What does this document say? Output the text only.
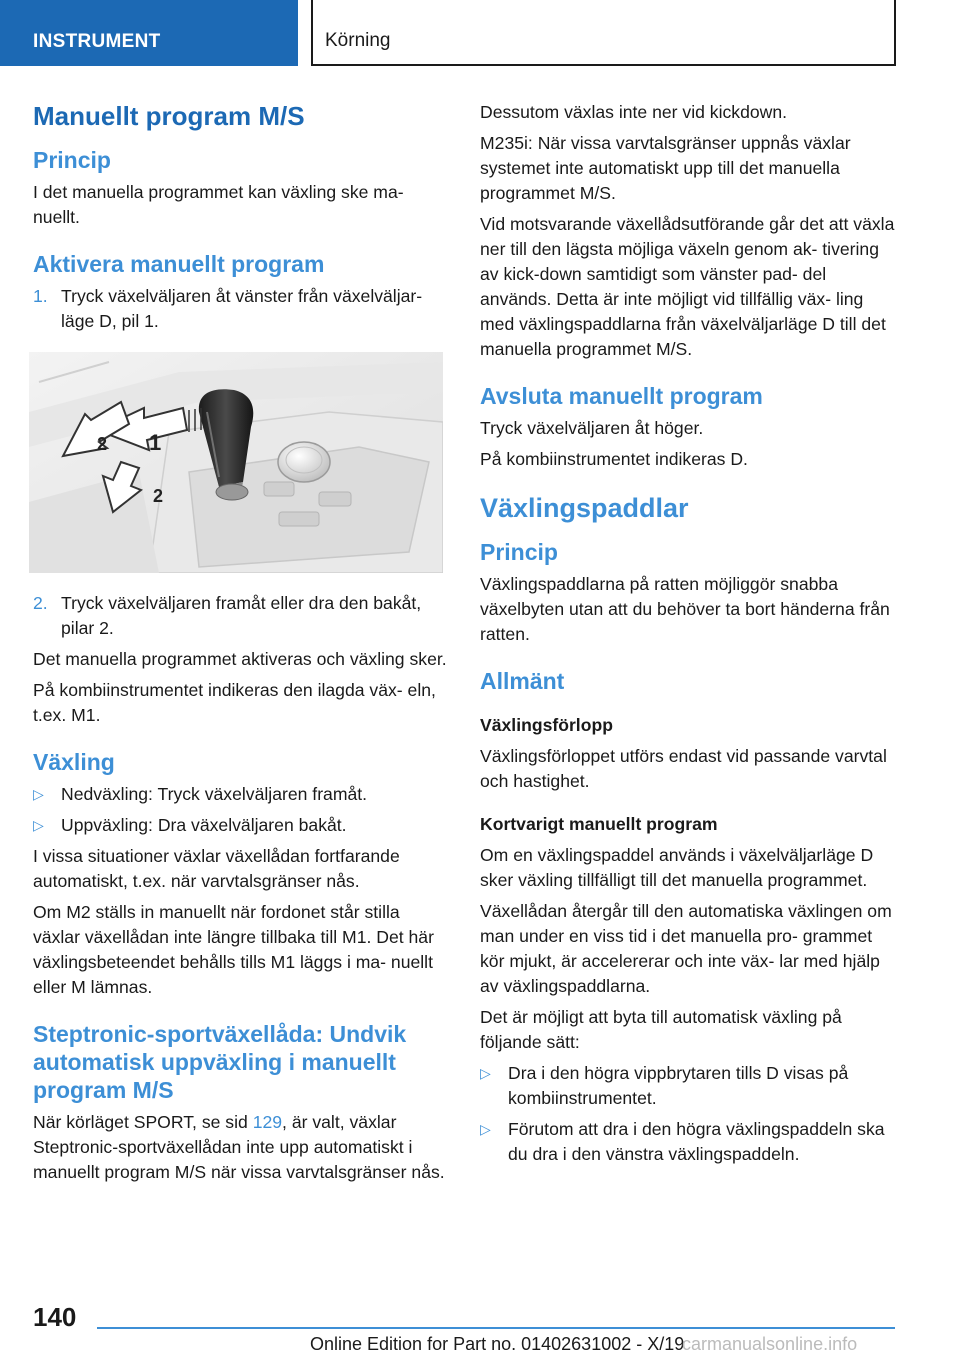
INSTRUMENT	Körning
Manuellt program M/S
Princip

I det manuella programmet kan växling ske ma- nuellt.

Aktivera manuellt program
1. Tryck växelväljaren åt vänster från växelväljar- läge D, pil 1.
1
2
2
2. Tryck växelväljaren framåt eller dra den bakåt, pilar 2.

Det manuella programmet aktiveras och växling sker.

På kombiinstrumentet indikeras den ilagda väx- eln, t.ex. M1.

Växling
▷ Nedväxling: Tryck växelväljaren framåt.
▷ Uppväxling: Dra växelväljaren bakåt.

I vissa situationer växlar växellådan fortfarande automatiskt, t.ex. när varvtalsgränser nås.

Om M2 ställs in manuellt när fordonet står stilla växlar växellådan inte längre tillbaka till M1. Det här växlingsbeteendet behålls tills M1 läggs i ma- nuellt eller M lämnas.

Steptronic-sportväxellåda: Undvik automatisk uppväxling i manuellt program M/S

När körläget SPORT, se sid 129, är valt, växlar Steptronic-sportväxellådan inte upp automatiskt i manuellt program M/S när vissa varvtalsgränser nås.

Dessutom växlas inte ner vid kickdown.

M235i: När vissa varvtalsgränser uppnås växlar systemet inte automatiskt upp till det manuella programmet M/S.

Vid motsvarande växellådsutförande går det att växla ner till den lägsta möjliga växeln genom ak- tivering av kick-down samtidigt som vänster pad- del används. Detta är inte möjligt vid tillfällig väx- ling med växlingspaddlarna från växelväljarläge D till det manuella programmet M/S.

Avsluta manuellt program

Tryck växelväljaren åt höger.

På kombiinstrumentet indikeras D.

Växlingspaddlar
Princip

Växlingspaddlarna på ratten möjliggör snabba växelbyten utan att du behöver ta bort händerna från ratten.

Allmänt
Växlingsförlopp

Växlingsförloppet utförs endast vid passande varvtal och hastighet.

Kortvarigt manuellt program

Om en växlingspaddel används i växelväljarläge D sker växling tillfälligt till det manuella programmet.

Växellådan återgår till den automatiska växlingen om man under en viss tid i det manuella pro- grammet kör mjukt, är accelererar och inte väx- lar med hjälp av växlingspaddlarna.

Det är möjligt att byta till automatisk växling på följande sätt:

▷ Dra i den högra vippbrytaren tills D visas på kombiinstrumentet.
▷ Förutom att dra i den högra växlingspaddeln ska du dra i den vänstra växlingspaddeln.
140
Online Edition for Part no. 01402631002 - X/19
carmanualsonline.info
